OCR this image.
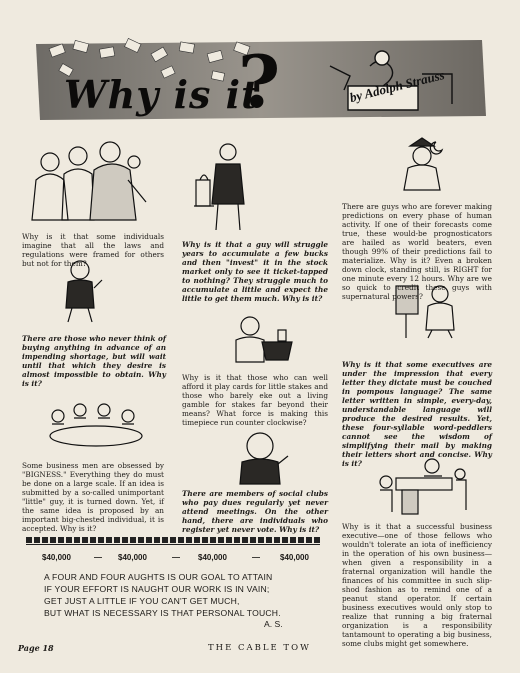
Why is it
?	by Adolph Strauss
Why is it that some individuals imagine that all the laws and regulations were framed for others but not for them?
Why is it that a guy will struggle years to accumulate a few bucks and then "invest" it in the stock market only to see it ticket-tapped to nothing? They struggle much to accumulate a little and expect the little to get them much. Why is it?
There are guys who are forever making predictions on every phase of human activity. If one of their forecasts come true, these would-be prognosticators are hailed as world beaters, even though 99% of their predictions fail to materialize. Why is it? Even a broken down clock, standing still, is RIGHT for one minute every 12 hours. Why are we so quick to credit these guys with supernatural powers?
There are those who never think of buying anything in advance of an impending shortage, but will wait until that which they desire is almost impossible to obtain. Why is it?
Why is it that those who can well afford it play cards for little stakes and those who barely eke out a living gamble for stakes far beyond their means? What force is making this timepiece run counter clockwise?
Why is it that some executives are under the impression that every letter they dictate must be couched in pompous language? The same letter written in simple, every-day, understandable language will produce the desired results. Yet, these four-syllable word-peddlers cannot see the wisdom of simplifying their mail by making their letters short and concise. Why is it?
Some business men are obsessed by "BIGNESS." Everything they do must be done on a large scale. If an idea is submitted by a so-called unimportant "little" guy, it is turned down. Yet, if the same idea is proposed by an important big-chested individual, it is accepted. Why is it?
There are members of social clubs who pay dues regularly yet never attend meetings. On the other hand, there are individuals who register yet never vote. Why is it?	Why is it that a successful business executive—one of those fellows who wouldn't tolerate an iota of inefficiency in the operation of his own business—when given a responsibility in a fraternal organization will handle the finances of his committee in such slip-shod fashion as to remind one of a peanut stand operator. If certain business executives would only stop to realize that running a big fraternal organization is a responsibility tantamount to operating a big business, some clubs might get somewhere.
$40,000	— $40,000	— $40,000	—	$40,000
A FOUR AND FOUR AUGHTS IS OUR GOAL TO ATTAIN
IF YOUR EFFORT IS NAUGHT OUR WORK IS IN VAIN;
GET JUST A LITTLE IF YOU CAN'T GET MUCH,
BUT WHAT IS NECESSARY IS THAT PERSONAL TOUCH.
A. S.
Page 18	THE CABLE TOW
